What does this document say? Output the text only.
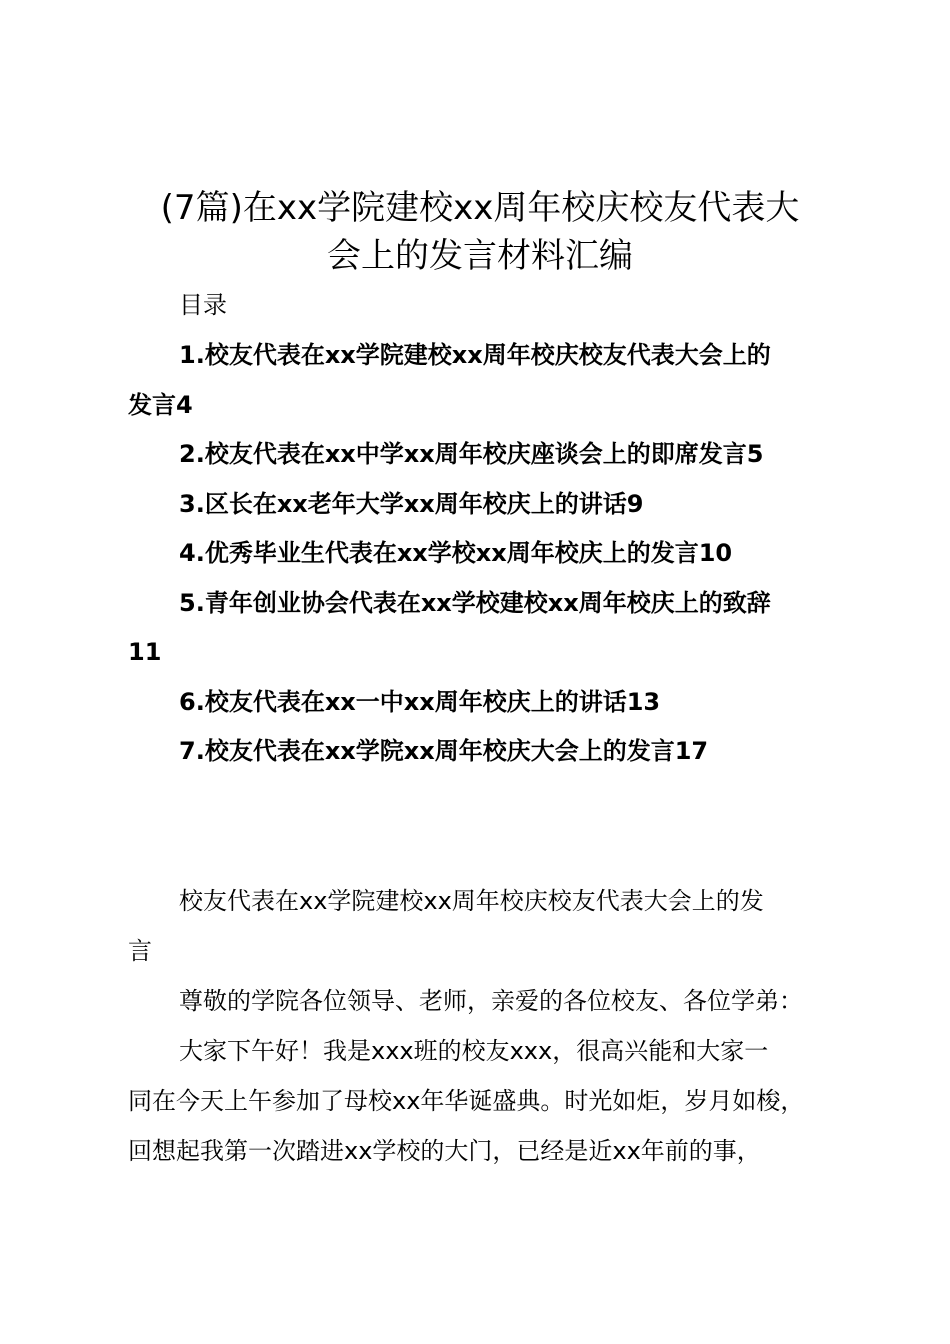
(7篇)在xx学院建校xx周年校庆校友代表大
会上的发言材料汇编

目录

1.校友代表在xx学院建校xx周年校庆校友代表大会上的

发言4

2.校友代表在xx中学xx周年校庆座谈会上的即席发言5

3.区长在xx老年大学xx周年校庆上的讲话9

4.优秀毕业生代表在xx学校xx周年校庆上的发言10

5.青年创业协会代表在xx学校建校xx周年校庆上的致辞

11

6.校友代表在xx一中xx周年校庆上的讲话13

7.校友代表在xx学院xx周年校庆大会上的发言17

校友代表在xx学院建校xx周年校庆校友代表大会上的发

言

尊敬的学院各位领导、老师，亲爱的各位校友、各位学弟：

大家下午好！我是xxx班的校友xxx，很高兴能和大家一

同在今天上午参加了母校xx年华诞盛典。时光如炬，岁月如梭，

回想起我第一次踏进xx学校的大门，已经是近xx年前的事，
